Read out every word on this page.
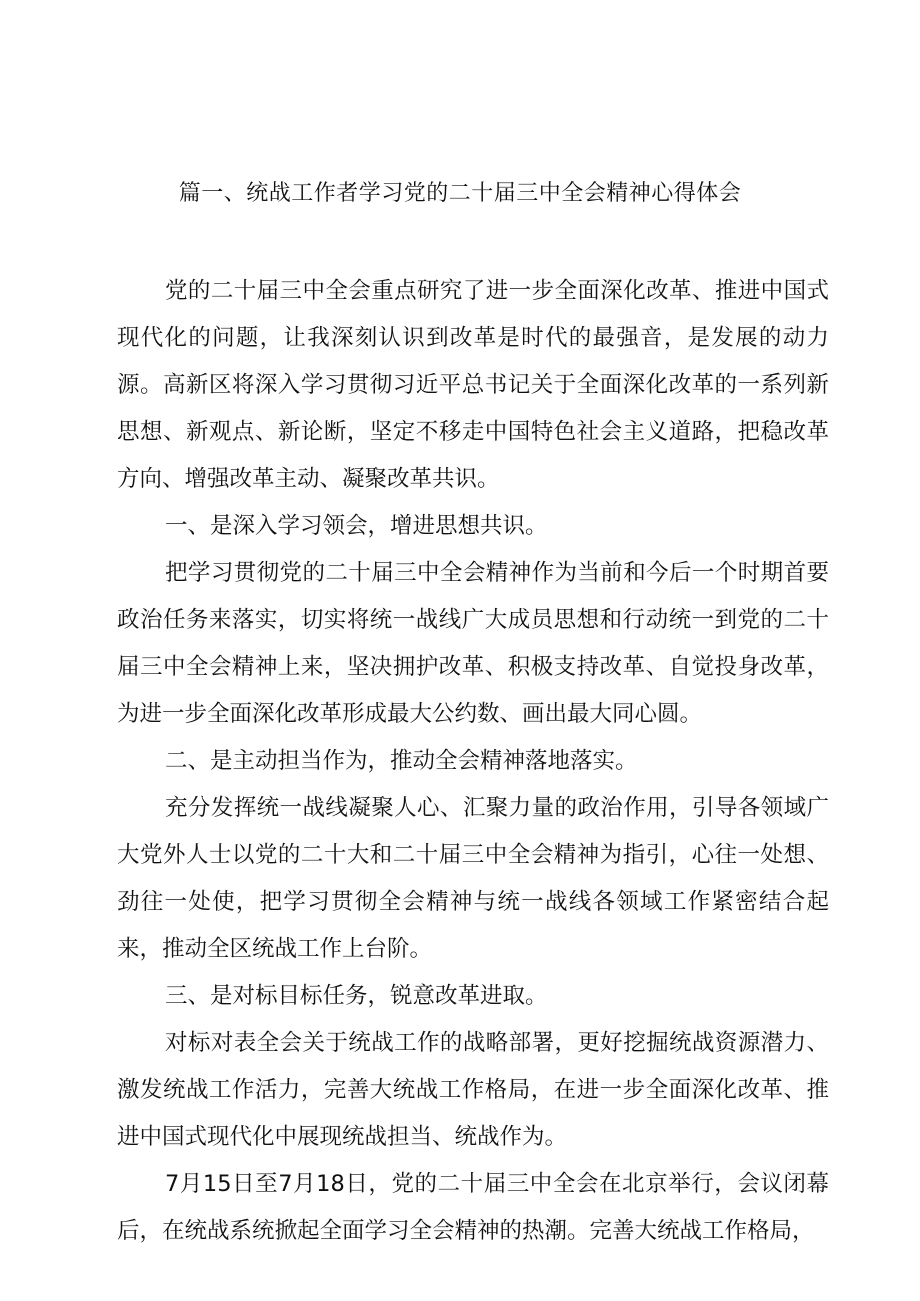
篇一、统战工作者学习党的二十届三中全会精神心得体会

党的二十届三中全会重点研究了进一步全面深化改革、推进中国式现代化的问题，让我深刻认识到改革是时代的最强音，是发展的动力源。高新区将深入学习贯彻习近平总书记关于全面深化改革的一系列新思想、新观点、新论断，坚定不移走中国特色社会主义道路，把稳改革方向、增强改革主动、凝聚改革共识。

一、是深入学习领会，增进思想共识。

把学习贯彻党的二十届三中全会精神作为当前和今后一个时期首要政治任务来落实，切实将统一战线广大成员思想和行动统一到党的二十届三中全会精神上来，坚决拥护改革、积极支持改革、自觉投身改革，为进一步全面深化改革形成最大公约数、画出最大同心圆。

二、是主动担当作为，推动全会精神落地落实。

充分发挥统一战线凝聚人心、汇聚力量的政治作用，引导各领域广大党外人士以党的二十大和二十届三中全会精神为指引，心往一处想、劲往一处使，把学习贯彻全会精神与统一战线各领域工作紧密结合起来，推动全区统战工作上台阶。

三、是对标目标任务，锐意改革进取。

对标对表全会关于统战工作的战略部署，更好挖掘统战资源潜力、激发统战工作活力，完善大统战工作格局，在进一步全面深化改革、推进中国式现代化中展现统战担当、统战作为。

7月15日至7月18日，党的二十届三中全会在北京举行，会议闭幕后，在统战系统掀起全面学习全会精神的热潮。完善大统战工作格局，
